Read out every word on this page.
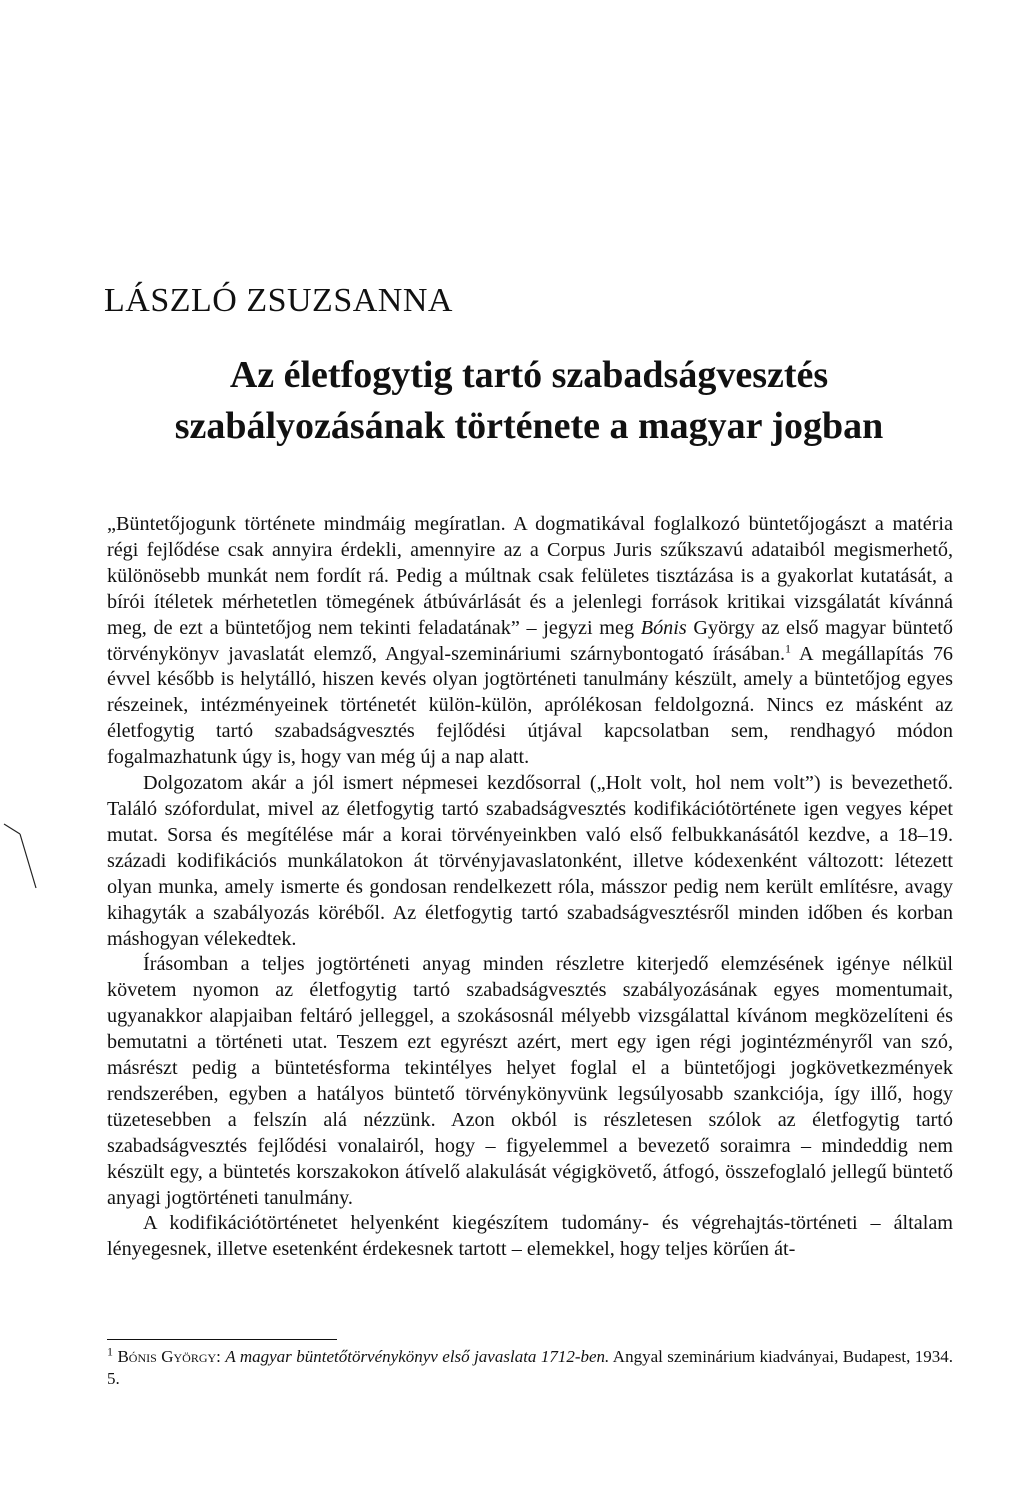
LÁSZLÓ ZSUZSANNA
Az életfogytig tartó szabadságvesztés
szabályozásának története a magyar jogban

„Büntetőjogunk története mindmáig megíratlan. A dogmatikával foglalkozó büntetőjogászt a matéria régi fejlődése csak annyira érdekli, amennyire az a Corpus Juris szűkszavú adataiból megismerhető, különösebb munkát nem fordít rá. Pedig a múltnak csak felületes tisztázása is a gyakorlat kutatását, a bírói ítéletek mérhetetlen tömegének átbúvárlását és a jelenlegi források kritikai vizsgálatát kívánná meg, de ezt a büntetőjog nem tekinti feladatának” – jegyzi meg Bónis György az első magyar büntető törvénykönyv javaslatát elemző, Angyal-szemináriumi szárnybontogató írásában.$^1$ A megállapítás 76 évvel később is helytálló, hiszen kevés olyan jogtörténeti tanulmány készült, amely a büntetőjog egyes részeinek, intézményeinek történetét külön-külön, aprólékosan feldolgozná. Nincs ez másként az életfogytig tartó szabadságvesztés fejlődési útjával kapcsolatban sem, rendhagyó módon fogalmazhatunk úgy is, hogy van még új a nap alatt.

Dolgozatom akár a jól ismert népmesei kezdősorral („Holt volt, hol nem volt”) is bevezethető. Találó szófordulat, mivel az életfogytig tartó szabadságvesztés kodifikációtörténete igen vegyes képet mutat. Sorsa és megítélése már a korai törvényeinkben való első felbukkanásától kezdve, a 18–19. századi kodifikációs munkálatokon át törvényjavaslatonként, illetve kódexenként változott: létezett olyan munka, amely ismerte és gondosan rendelkezett róla, másszor pedig nem került említésre, avagy kihagyták a szabályozás köréből. Az életfogytig tartó szabadságvesztésről minden időben és korban máshogyan vélekedtek.

Írásomban a teljes jogtörténeti anyag minden részletre kiterjedő elemzésének igénye nélkül követem nyomon az életfogytig tartó szabadságvesztés szabályozásának egyes momentumait, ugyanakkor alapjaiban feltáró jelleggel, a szokásosnál mélyebb vizsgálattal kívánom megközelíteni és bemutatni a történeti utat. Teszem ezt egyrészt azért, mert egy igen régi jogintézményről van szó, másrészt pedig a büntetésforma tekintélyes helyet foglal el a büntetőjogi jogkövetkezmények rendszerében, egyben a hatályos büntető törvénykönyvünk legsúlyosabb szankciója, így illő, hogy tüzetesebben a felszín alá nézzünk. Azon okból is részletesen szólok az életfogytig tartó szabadságvesztés fejlődési vonalairól, hogy – figyelemmel a bevezető soraimra – mindeddig nem készült egy, a büntetés korszakokon átívelő alakulását végigkövető, átfogó, összefoglaló jellegű büntető anyagi jogtörténeti tanulmány.

A kodifikációtörténetet helyenként kiegészítem tudomány- és végrehajtás-történeti – általam lényegesnek, illetve esetenként érdekesnek tartott – elemekkel, hogy teljes körűen át-

$^1$ Bónis György: A magyar büntetőtörvénykönyv első javaslata 1712-ben. Angyal szeminárium kiadványai, Budapest, 1934. 5.
